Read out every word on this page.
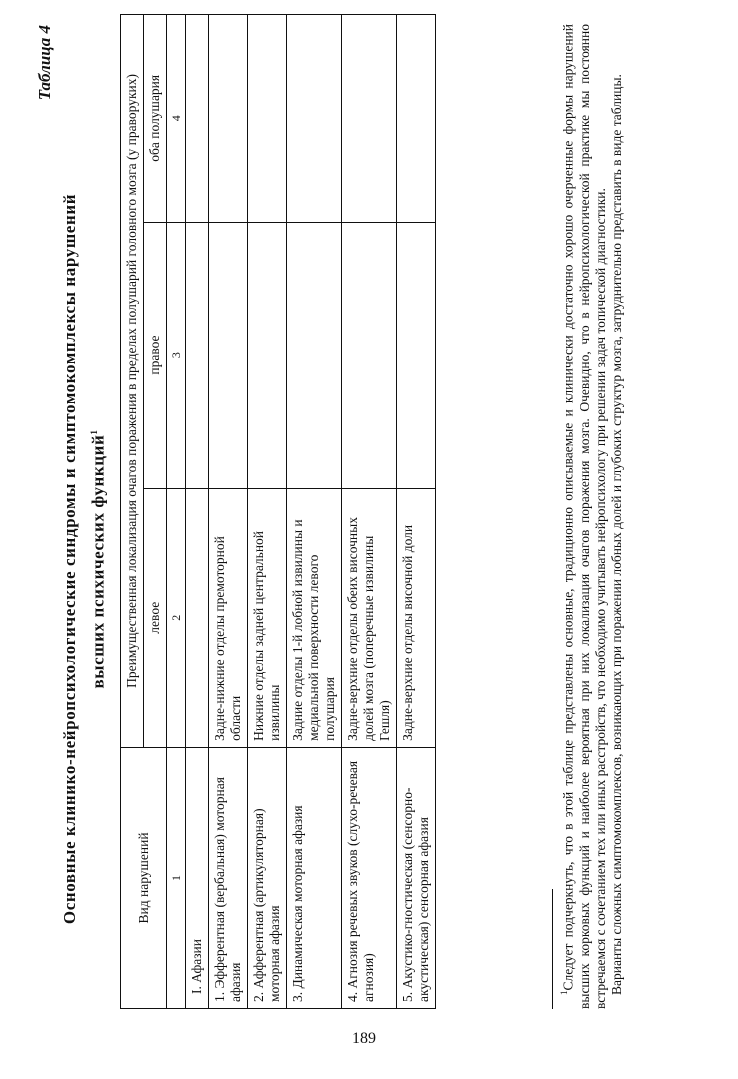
189
Таблица 4
Основные клинико-нейропсихологические синдромы и симптомокомплексы нарушений высших психических функций$^1$
Вид нарушений	Преимущественная локализация очагов поражения в пределах полушарий головного мозга (у праворуких)		
	левое	правое	оба полушария
1	2	3	4
I. Афазии			
1. Эфферентная (вербальная) моторная афазия	Задне-нижние отделы премоторной области		
2. Афферентная (артикуляторная) моторная афазия	Нижние отделы задней центральной извилины		
3. Динамическая моторная афазия	Задние отделы 1-й лобной извилины и медиальной поверхности левого полушария		
4. Агнозия речевых звуков (слухо-речевая агнозия)	Задне-верхние отделы обеих височных долей мозга (поперечные извилины Гешля)		
5. Акустико-гностическая (сенсорно-акустическая) сенсорная афазия	Задне-верхние отделы височной доли		

$^1$Следует подчеркнуть, что в этой таблице представлены основные, традиционно описываемые и клинически достаточно хорошо очерченные формы нарушений высших корковых функций и наиболее вероятная при них локализация очагов поражения мозга. Очевидно, что в нейропсихологической практике мы постоянно встречаемся с сочетанием тех или иных расстройств, что необходимо учитывать нейропсихологу при решении задач топической диагностики. Варианты сложных симптомокомплексов, возникающих при поражении лобных долей и глубоких структур мозга, затруднительно представить в виде таблицы.
